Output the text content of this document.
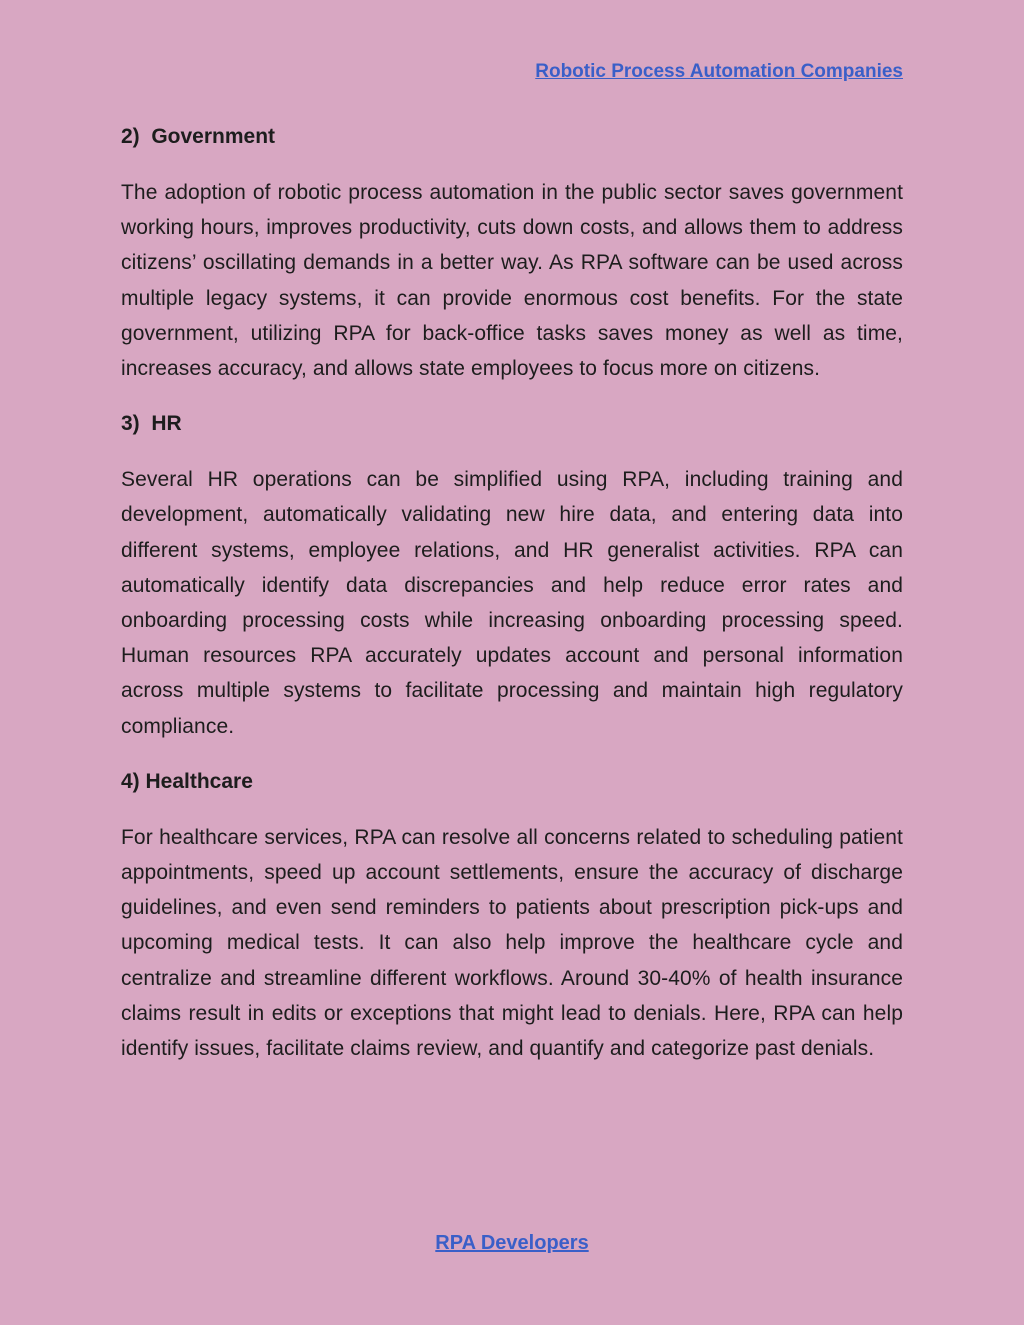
Robotic Process Automation Companies
2)  Government

The adoption of robotic process automation in the public sector saves government working hours, improves productivity, cuts down costs, and allows them to address citizens’ oscillating demands in a better way. As RPA software can be used across multiple legacy systems, it can provide enormous cost benefits. For the state government, utilizing RPA for back-office tasks saves money as well as time, increases accuracy, and allows state employees to focus more on citizens.

3)  HR

Several HR operations can be simplified using RPA, including training and development, automatically validating new hire data, and entering data into different systems, employee relations, and HR generalist activities. RPA can automatically identify data discrepancies and help reduce error rates and onboarding processing costs while increasing onboarding processing speed. Human resources RPA accurately updates account and personal information across multiple systems to facilitate processing and maintain high regulatory compliance.

4) Healthcare

For healthcare services, RPA can resolve all concerns related to scheduling patient appointments, speed up account settlements, ensure the accuracy of discharge guidelines, and even send reminders to patients about prescription pick-ups and upcoming medical tests. It can also help improve the healthcare cycle and centralize and streamline different workflows. Around 30-40% of health insurance claims result in edits or exceptions that might lead to denials. Here, RPA can help identify issues, facilitate claims review, and quantify and categorize past denials.

RPA Developers
